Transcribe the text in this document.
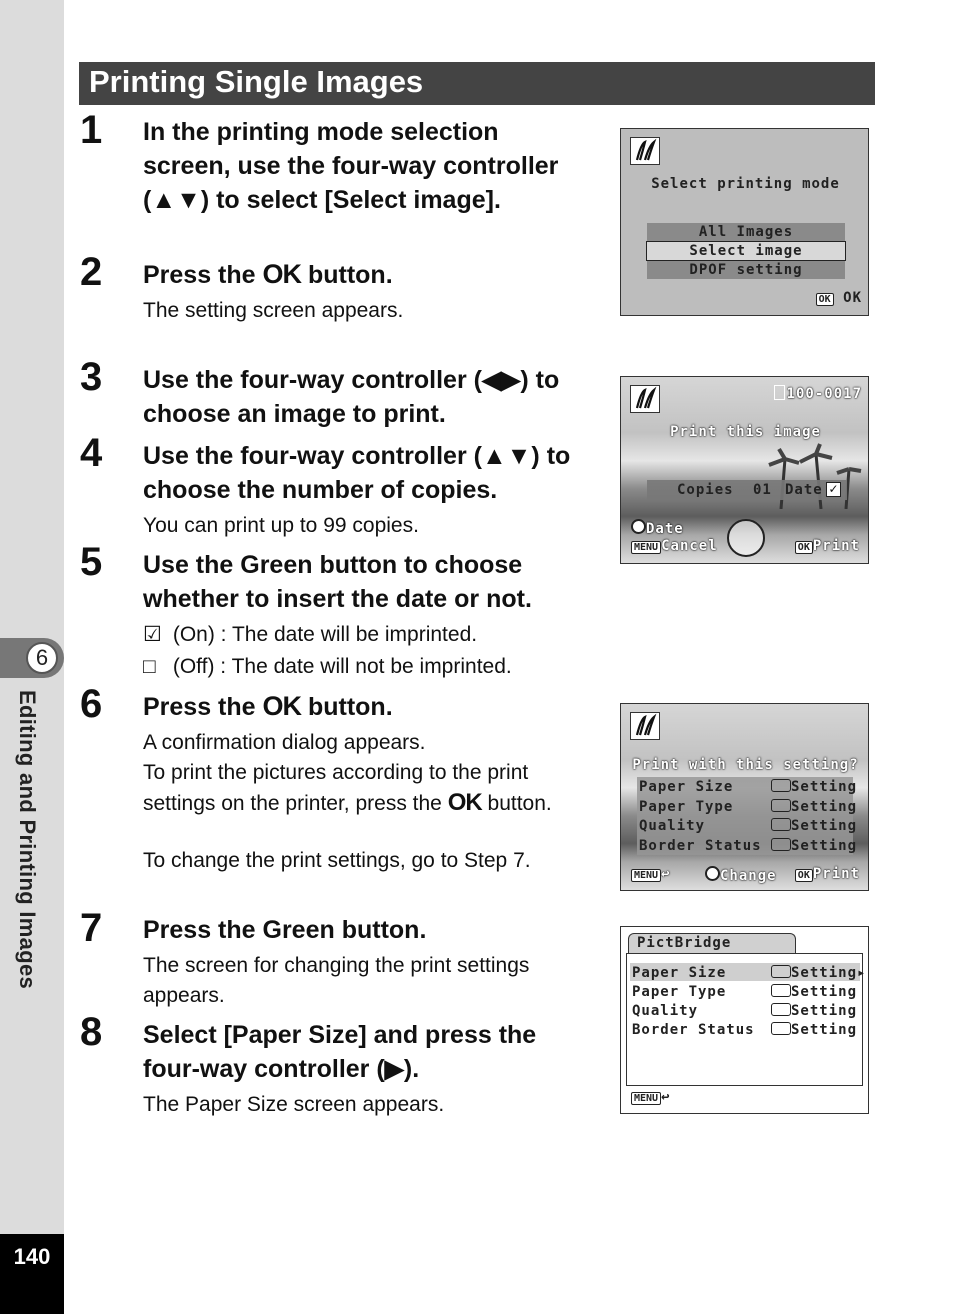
6
Editing and Printing Images
140
Printing Single Images
1 In the printing mode selection screen, use the four-way controller (▲▼) to select [Select image].
2 Press the OK button.
The setting screen appears.
3 Use the four-way controller (◀▶) to choose an image to print.
4 Use the four-way controller (▲▼) to choose the number of copies.
You can print up to 99 copies.
5 Use the Green button to choose whether to insert the date or not.
☑ (On) : The date will be imprinted.
□ (Off) : The date will not be imprinted.
6 Press the OK button.
A confirmation dialog appears.
To print the pictures according to the print settings on the printer, press the OK button.
To change the print settings, go to Step 7.
7 Press the Green button.
The screen for changing the print settings appears.
8 Select [Paper Size] and press the four-way controller (▶).
The Paper Size screen appears.
Select printing mode
All Images
Select image
DPOF setting
OK OK
100-0017
Print this image
Copies 01 Date ✓
Date
MENU Cancel	OK Print
Print with this setting?
Paper Size	Setting
Paper Type	Setting
Quality	Setting
Border Status	Setting
MENU ↩	Change	OK Print
PictBridge
Paper Size	Setting▸
Paper Type	Setting
Quality	Setting
Border Status	Setting
MENU ↩
